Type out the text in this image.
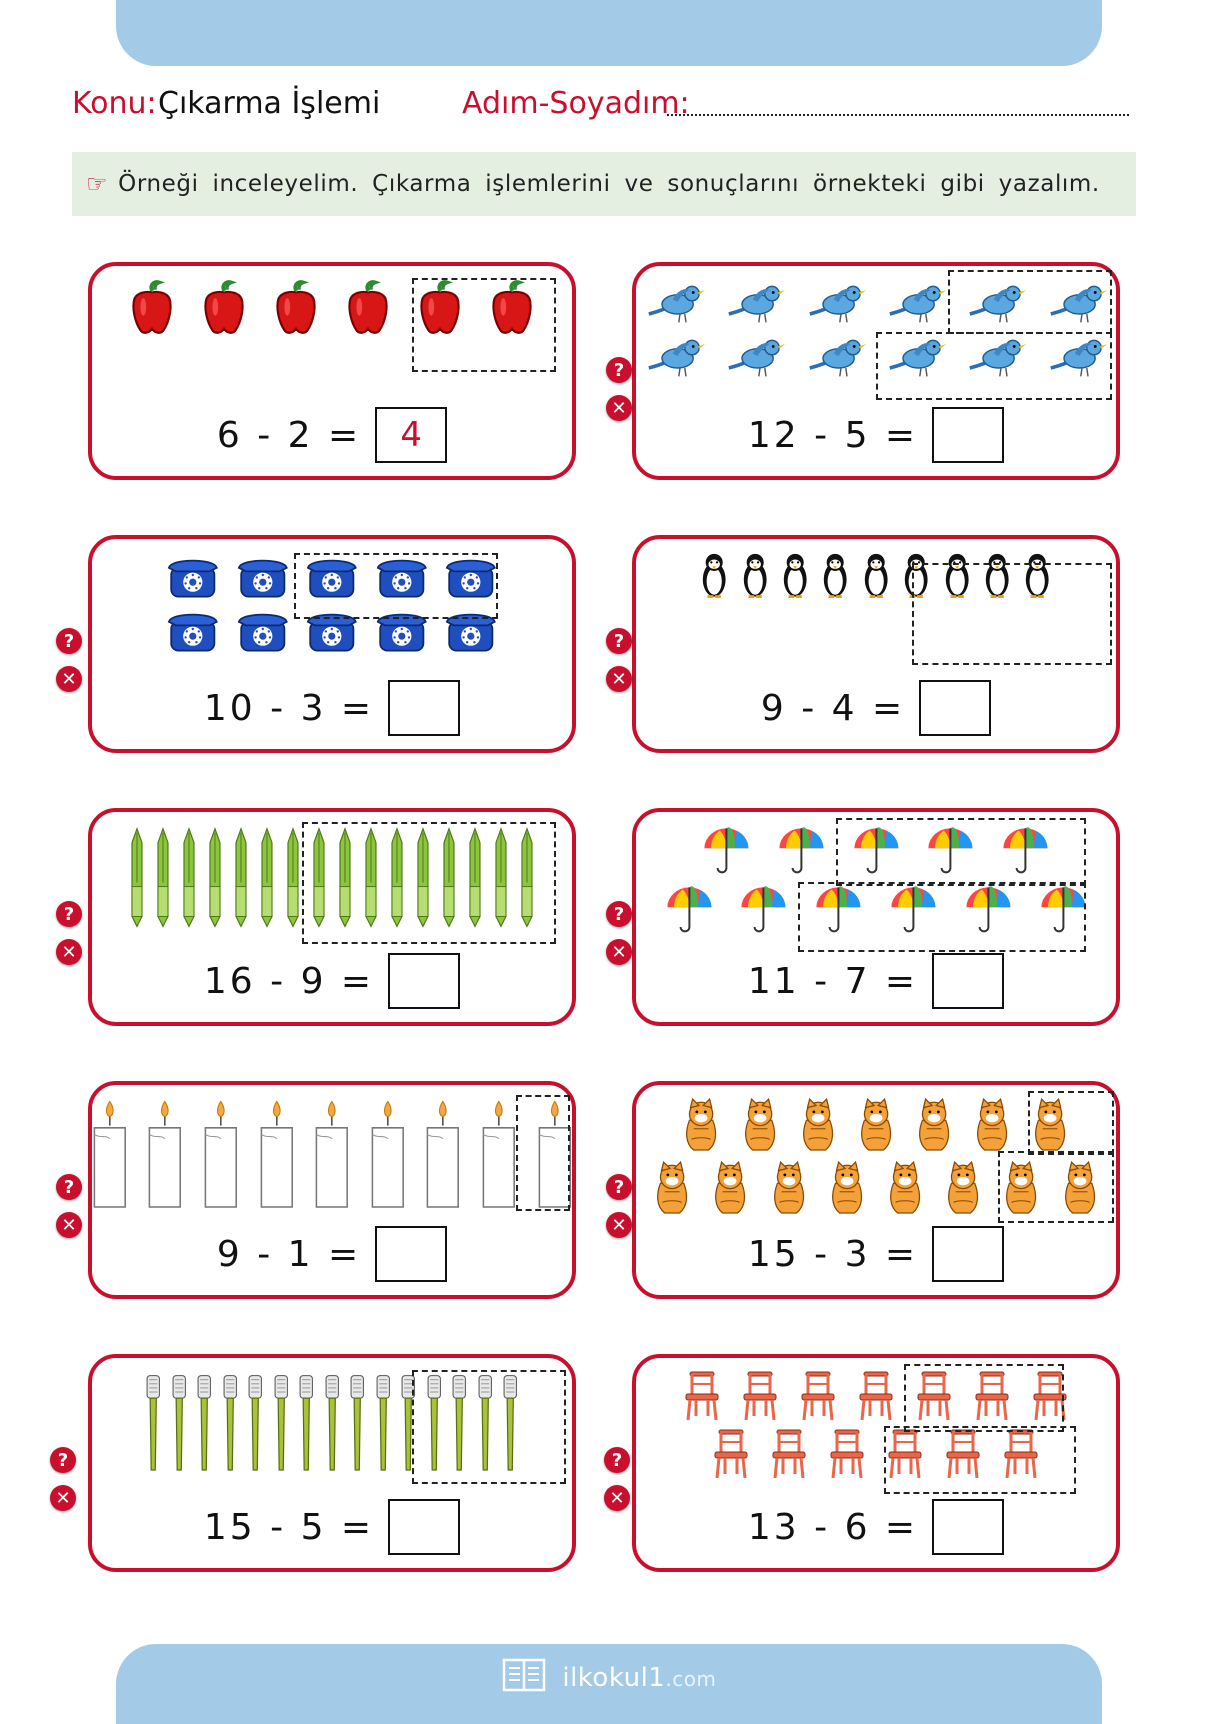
Konu: Çıkarma İşlemi	Adım-Soyadım:
☞ Örneği inceleyelim. Çıkarma işlemlerini ve sonuçlarını örnekteki gibi yazalım.
6 - 2 =	4	12 - 5 =
?
✕
10 - 3 =
?
✕
9 - 4 =
?
✕
16 - 9 =
?
✕
11 - 7 =
?
✕
9 - 1 =
?
✕
15 - 3 =
?
✕
15 - 5 =
?
✕
13 - 6 =
?
✕
ilkokul1.com
